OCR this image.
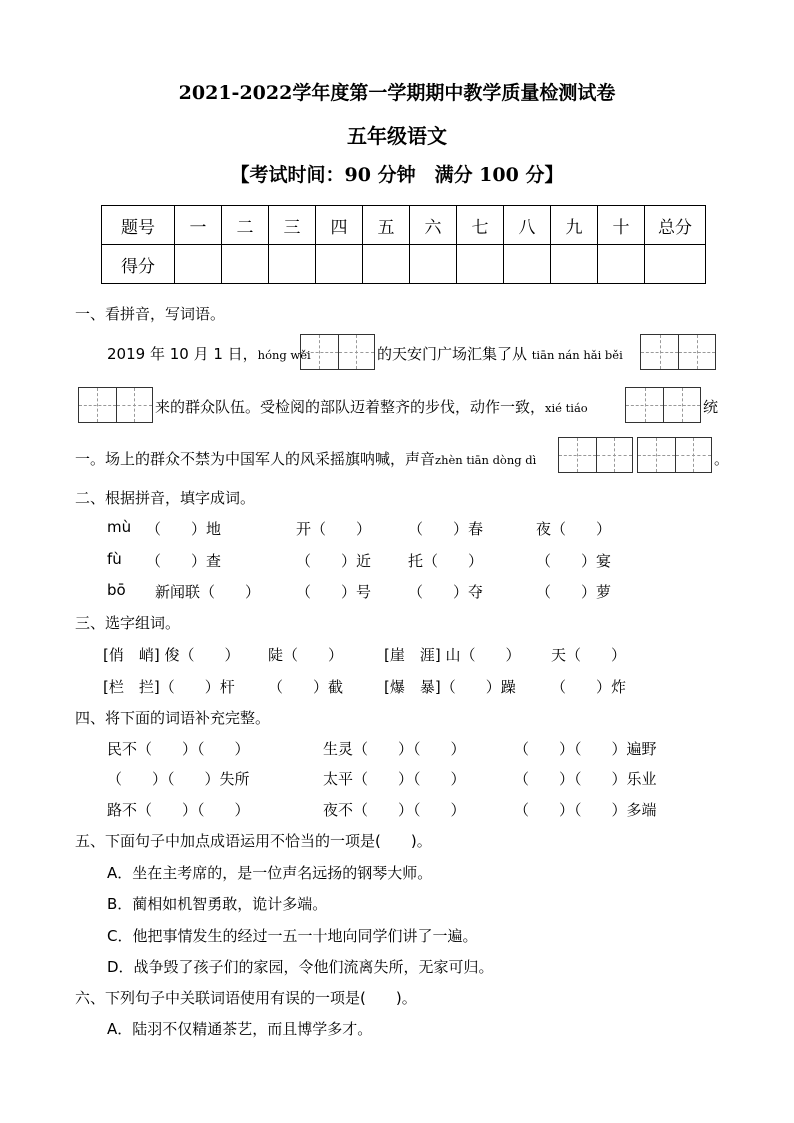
2021-2022学年度第一学期期中教学质量检测试卷
五年级语文
【考试时间：90 分钟　满分 100 分】
题号	一	二	三	四	五	六	七	八	九	十	总分
得分											
一、看拼音，写词语。
2019 年 10 月 1 日，hóng wěi	的天安门广场汇集了从 tiān nán hǎi běi
来的群众队伍。受检阅的部队迈着整齐的步伐，动作一致，xié tiáo	统
一。场上的群众不禁为中国军人的风采摇旗呐喊，声音zhèn tiān dòng dì	。
二、根据拼音，填字成词。
mù （　　）地	开（　　） （　　）春	夜（　　）
fù （　　）查	（　　）近 托（　　）	（　　）宴
bō 新闻联（　　） （　　）号 （　　）夺	（　　）萝
三、选字组词。
[俏　峭] 俊（　　） 陡（　　）	[崖　涯] 山（　　） 天（　　）
[栏　拦]（　　）杆 （　　）截	[爆　暴]（　　）躁 （　　）炸
四、将下面的词语补充完整。
民不（　　）（　　）	生灵（　　）（　　）	（　　）（　　）遍野
（　　）（　　）失所	太平（　　）（　　）	（　　）（　　）乐业
路不（　　）（　　）	夜不（　　）（　　）	（　　）（　　）多端
五、下面句子中加点成语运用不恰当的一项是(　　)。
A．坐在主考席的，是一位声名远扬的钢琴大师。
B．蔺相如机智勇敢，诡计多端。
C．他把事情发生的经过一五一十地向同学们讲了一遍。
D．战争毁了孩子们的家园，令他们流离失所，无家可归。
六、下列句子中关联词语使用有误的一项是(　　)。
A．陆羽不仅精通茶艺，而且博学多才。
